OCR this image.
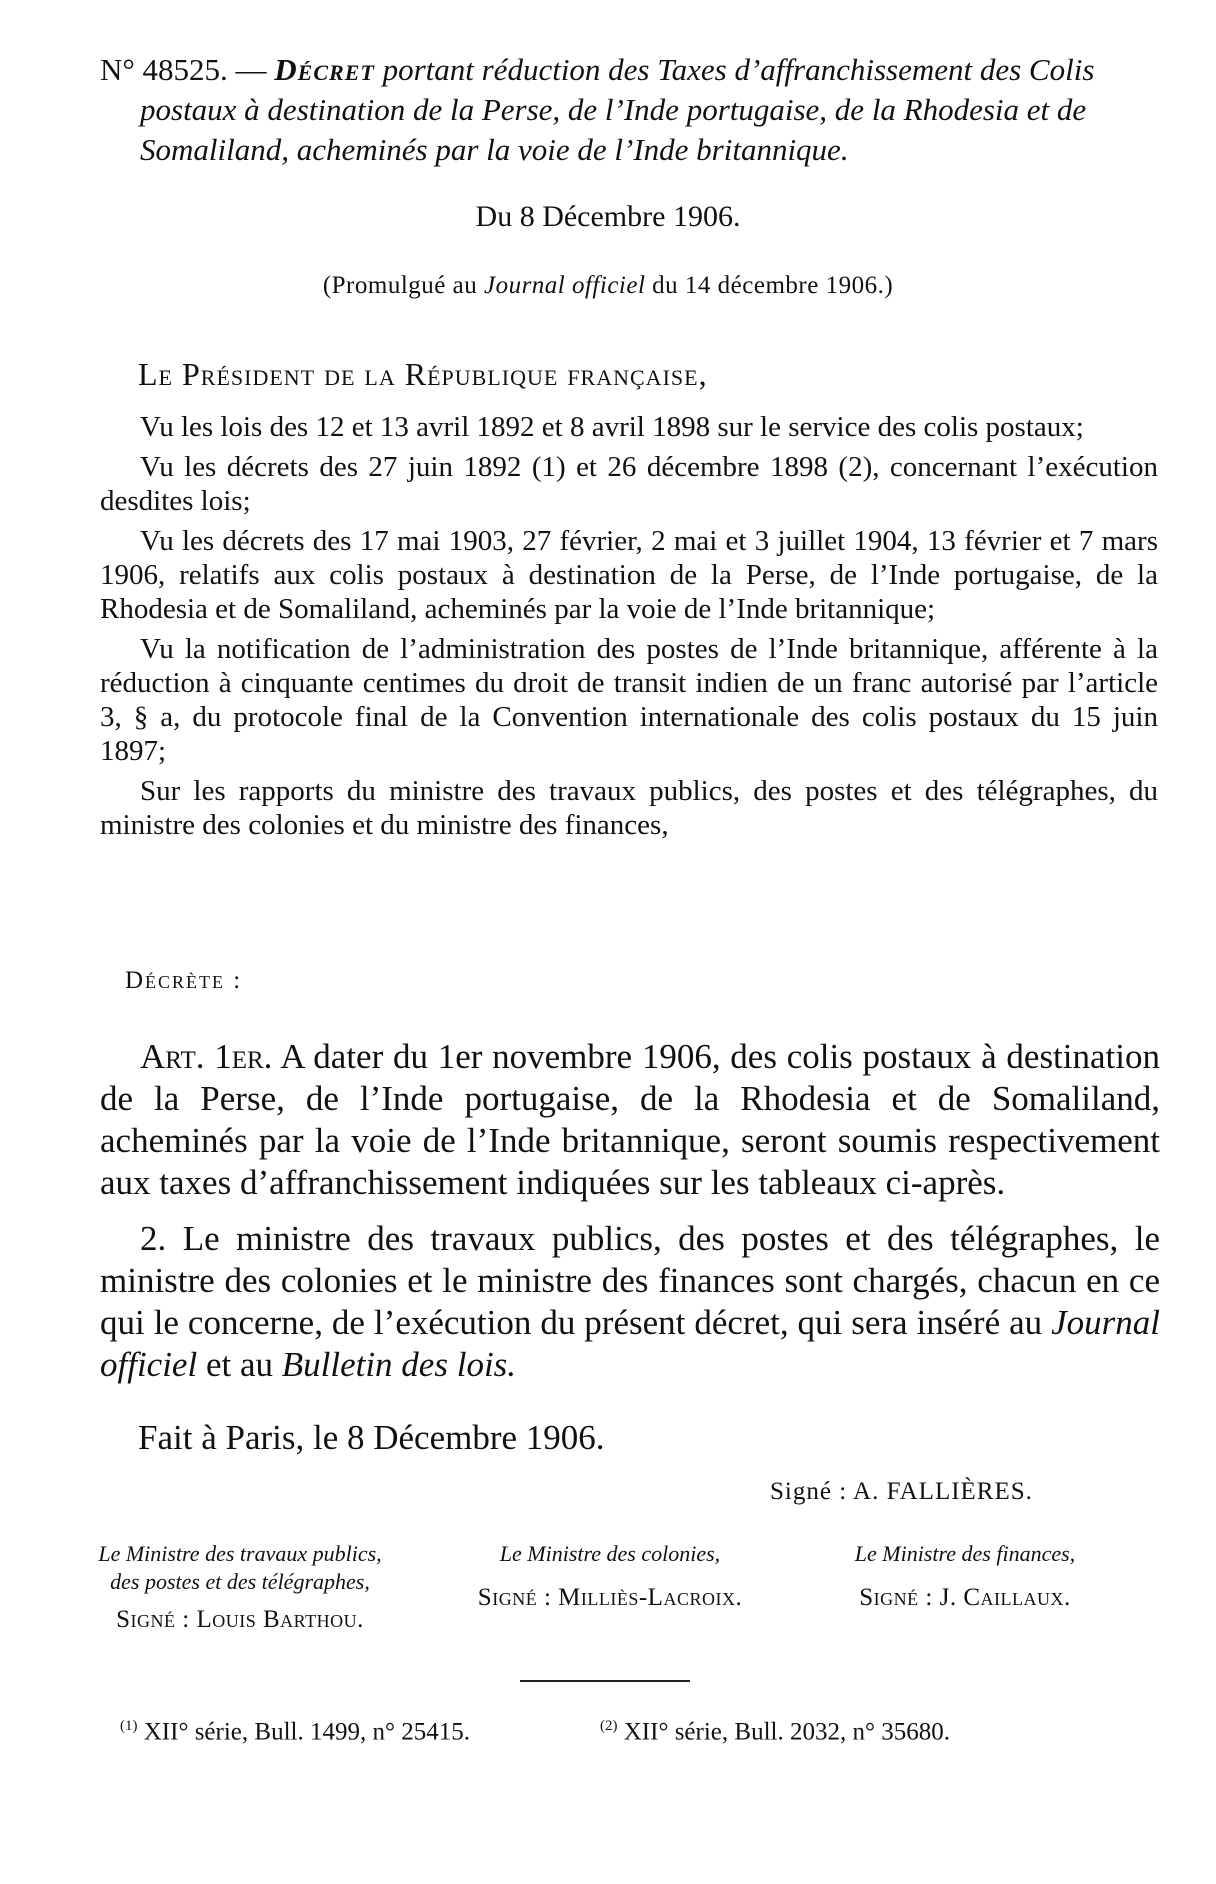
N° 48525. — Décret portant réduction des Taxes d’affranchissement des Colis
postaux à destination de la Perse, de l’Inde portugaise, de la Rhodesia et de
Somaliland, acheminés par la voie de l’Inde britannique.
Du 8 Décembre 1906.
(Promulgué au Journal officiel du 14 décembre 1906.)
Le Président de la République française,

Vu les lois des 12 et 13 avril 1892 et 8 avril 1898 sur le service des colis postaux;

Vu les décrets des 27 juin 1892 (1) et 26 décembre 1898 (2), concernant l’exécution desdites lois;

Vu les décrets des 17 mai 1903, 27 février, 2 mai et 3 juillet 1904, 13 février et 7 mars 1906, relatifs aux colis postaux à destination de la Perse, de l’Inde portugaise, de la Rhodesia et de Somaliland, acheminés par la voie de l’Inde britannique;

Vu la notification de l’administration des postes de l’Inde britannique, afférente à la réduction à cinquante centimes du droit de transit indien de un franc autorisé par l’article 3, § a, du protocole final de la Convention internationale des colis postaux du 15 juin 1897;

Sur les rapports du ministre des travaux publics, des postes et des télégraphes, du ministre des colonies et du ministre des finances,

Décrète :

Art. 1er. A dater du 1er novembre 1906, des colis postaux à destination de la Perse, de l’Inde portugaise, de la Rhodesia et de Somaliland, acheminés par la voie de l’Inde britannique, seront soumis respectivement aux taxes d’affranchissement indiquées sur les tableaux ci-après.

2. Le ministre des travaux publics, des postes et des télégraphes, le ministre des colonies et le ministre des finances sont chargés, chacun en ce qui le concerne, de l’exécution du présent décret, qui sera inséré au Journal officiel et au Bulletin des lois.

Fait à Paris, le 8 Décembre 1906.
Signé : A. FALLIÈRES.
Le Ministre des travaux publics,
des postes et des télégraphes,
Signé : Louis Barthou.
Le Ministre des colonies,
Signé : Milliès-Lacroix.
Le Ministre des finances,
Signé : J. Caillaux.
$^{(1)}$ XII° série, Bull. 1499, n° 25415.	$^{(2)}$ XII° série, Bull. 2032, n° 35680.
